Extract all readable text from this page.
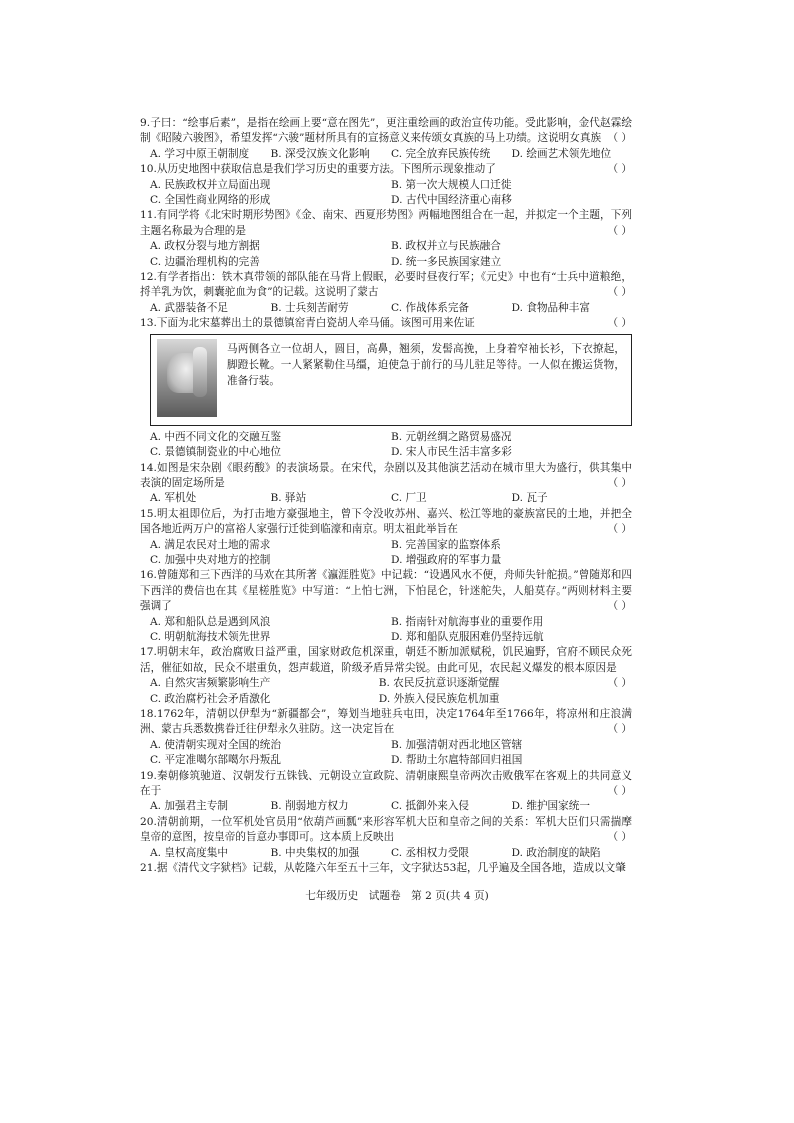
9.子曰：“绘事后素”，是指在绘画上要“意在图先”，更注重绘画的政治宣传功能。受此影响，金代赵霖绘制《昭陵六骏图》，希望发挥“六骏”题材所具有的宣扬意义来传颂女真族的马上功绩。这说明女真族 （ ）
A. 学习中原王朝制度	B. 深受汉族文化影响	C. 完全放弃民族传统	D. 绘画艺术领先地位
10.从历史地图中获取信息是我们学习历史的重要方法。下图所示现象推动了	（ ）
A. 民族政权并立局面出现	B. 第一次大规模人口迁徙
C. 全国性商业网络的形成	D. 古代中国经济重心南移
11.有同学将《北宋时期形势图》《金、南宋、西夏形势图》两幅地图组合在一起，并拟定一个主题，下列主题名称最为合理的是	（ ）
A. 政权分裂与地方割据	B. 政权并立与民族融合
C. 边疆治理机构的完善	D. 统一多民族国家建立
12.有学者指出：铁木真带领的部队能在马背上假眠，必要时昼夜行军；《元史》中也有“士兵中道粮绝，捋羊乳为饮，刺囊驼血为食”的记载。这说明了蒙古	（ ）
A. 武器装备不足	B. 士兵刻苦耐劳	C. 作战体系完备	D. 食物品种丰富
13.下面为北宋墓葬出土的景德镇窑青白瓷胡人牵马俑。该图可用来佐证	（ ）
马两侧各立一位胡人，圆目，高鼻，翘须，发髻高挽，上身着窄袖长衫，下衣撩起，脚蹬长靴。一人紧紧勒住马缰，迫使急于前行的马儿驻足等待。一人似在搬运货物，准备行装。
A. 中西不同文化的交融互鉴	B. 元朝丝绸之路贸易盛况
C. 景德镇制瓷业的中心地位	D. 宋人市民生活丰富多彩
14.如图是宋杂剧《眼药酸》的表演场景。在宋代，杂剧以及其他演艺活动在城市里大为盛行，供其集中表演的固定场所是	（ ）
A. 军机处	B. 驿站	C. 厂卫	D. 瓦子
15.明太祖即位后，为打击地方豪强地主，曾下令没收苏州、嘉兴、松江等地的豪族富民的土地，并把全国各地近两万户的富裕人家强行迁徙到临濠和南京。明太祖此举旨在	（ ）
A. 满足农民对土地的需求	B. 完善国家的监察体系
C. 加强中央对地方的控制	D. 增强政府的军事力量
16.曾随郑和三下西洋的马欢在其所著《瀛涯胜览》中记载：“设遇风水不便，舟师失针舵损。”曾随郑和四下西洋的费信也在其《星槎胜览》中写道：“上怕七洲，下怕昆仑，针迷舵失，人船莫存。”两则材料主要强调了	（ ）
A. 郑和船队总是遇到风浪	B. 指南针对航海事业的重要作用
C. 明朝航海技术领先世界	D. 郑和船队克服困难仍坚持远航
17.明朝末年，政治腐败日益严重，国家财政危机深重，朝廷不断加派赋税，饥民遍野，官府不顾民众死活，催征如故，民众不堪重负，怨声载道，阶级矛盾异常尖锐。由此可见，农民起义爆发的根本原因是
（ ）
A. 自然灾害频繁影响生产	B. 农民反抗意识逐渐觉醒
C. 政治腐朽社会矛盾激化	D. 外族入侵民族危机加重
18.1762年，清朝以伊犁为“新疆都会”，筹划当地驻兵屯田，决定1764年至1766年，将凉州和庄浪满洲、蒙古兵悉数携眷迁往伊犁永久驻防。这一决定旨在	（ ）
A. 使清朝实现对全国的统治	B. 加强清朝对西北地区管辖
C. 平定准噶尔部噶尔丹叛乱	D. 帮助土尔扈特部回归祖国
19.秦朝修筑驰道、汉朝发行五铢钱、元朝设立宣政院、清朝康熙皇帝两次击败俄军在客观上的共同意义在于	（ ）
A. 加强君主专制	B. 削弱地方权力	C. 抵御外来入侵	D. 维护国家统一
20.清朝前期，一位军机处官员用“依葫芦画瓢”来形容军机大臣和皇帝之间的关系：军机大臣们只需揣摩皇帝的意图，按皇帝的旨意办事即可。这本质上反映出	（ ）
A. 皇权高度集中	B. 中央集权的加强	C. 丞相权力受限	D. 政治制度的缺陷
21.据《清代文字狱档》记载，从乾隆六年至五十三年，文字狱达53起，几乎遍及全国各地，造成以文肇
七年级历史　试题卷　第 2 页(共 4 页)
